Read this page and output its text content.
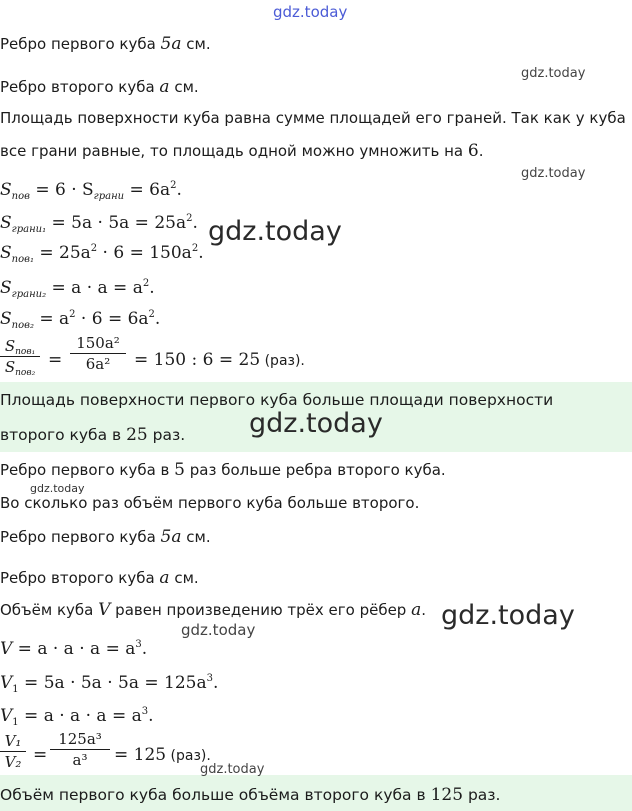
gdz.today
gdz.today
gdz.today
gdz.today
gdz.today
gdz.today
gdz.today
gdz.today
gdz.today
Ребро первого куба 5a см.
Ребро второго куба a см.
Площадь поверхности куба равна сумме площадей его граней. Так как у куба
все грани равные, то площадь одной можно умножить на 6.
$S_{пов} = 6 \cdot S_{грани} = 6a^2$.
$S_{грани_1} = 5a \cdot 5a = 25a^2$.
$S_{пов_1} = 25a^2 \cdot 6 = 150a^2$.
$S_{грани_2} = a \cdot a = a^2$.
$S_{пов_2} = a^2 \cdot 6 = 6a^2$.
$S_{пов_1}$
$S_{пов_2}$
=
150a²
6a²	= 150 : 6 = 25 (раз).
Площадь поверхности первого куба больше площади поверхности
второго куба в 25 раз.
Ребро первого куба в 5 раз больше ребра второго куба.
Во сколько раз объём первого куба больше второго.
Ребро первого куба 5a см.
Ребро второго куба a см.
Объём куба V равен произведению трёх его рёбер a.
$V = a \cdot a \cdot a = a^3$.
$V_1 = 5a \cdot 5a \cdot 5a = 125a^3$.
$V_1 = a \cdot a \cdot a = a^3$.
V₁
V₂ =
125a³
a³	= 125 (раз).
Объём первого куба больше объёма второго куба в 125 раз.
